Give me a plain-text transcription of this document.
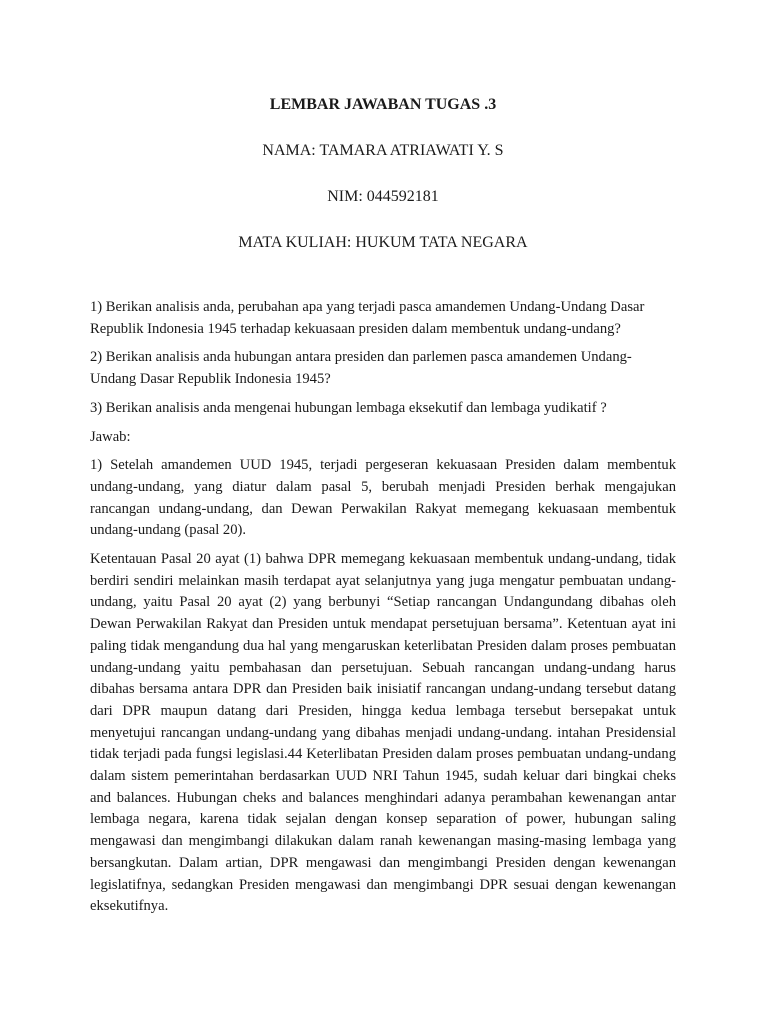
LEMBAR JAWABAN TUGAS .3

NAMA: TAMARA ATRIAWATI Y. S

NIM: 044592181

MATA KULIAH: HUKUM TATA NEGARA

1) Berikan analisis anda, perubahan apa yang terjadi pasca amandemen Undang-Undang Dasar Republik Indonesia 1945 terhadap kekuasaan presiden dalam membentuk undang-undang?

2) Berikan analisis anda hubungan antara presiden dan parlemen pasca amandemen Undang-Undang Dasar Republik Indonesia 1945?

3) Berikan analisis anda mengenai hubungan lembaga eksekutif dan lembaga yudikatif ?

Jawab:

1) Setelah amandemen UUD 1945, terjadi pergeseran kekuasaan Presiden dalam membentuk undang-undang, yang diatur dalam pasal 5, berubah menjadi Presiden berhak mengajukan rancangan undang-undang, dan Dewan Perwakilan Rakyat memegang kekuasaan membentuk undang-undang (pasal 20).

Ketentauan Pasal 20 ayat (1) bahwa DPR memegang kekuasaan membentuk undang-undang, tidak berdiri sendiri melainkan masih terdapat ayat selanjutnya yang juga mengatur pembuatan undang-undang, yaitu Pasal 20 ayat (2) yang berbunyi “Setiap rancangan Undangundang dibahas oleh Dewan Perwakilan Rakyat dan Presiden untuk mendapat persetujuan bersama”. Ketentuan ayat ini paling tidak mengandung dua hal yang mengaruskan keterlibatan Presiden dalam proses pembuatan undang-undang yaitu pembahasan dan persetujuan. Sebuah rancangan undang-undang harus dibahas bersama antara DPR dan Presiden baik inisiatif rancangan undang-undang tersebut datang dari DPR maupun datang dari Presiden, hingga kedua lembaga tersebut bersepakat untuk menyetujui rancangan undang-undang yang dibahas menjadi undang-undang. intahan Presidensial tidak terjadi pada fungsi legislasi.44 Keterlibatan Presiden dalam proses pembuatan undang-undang dalam sistem pemerintahan berdasarkan UUD NRI Tahun 1945, sudah keluar dari bingkai cheks and balances. Hubungan cheks and balances menghindari adanya perambahan kewenangan antar lembaga negara, karena tidak sejalan dengan konsep separation of power, hubungan saling mengawasi dan mengimbangi dilakukan dalam ranah kewenangan masing-masing lembaga yang bersangkutan. Dalam artian, DPR mengawasi dan mengimbangi Presiden dengan kewenangan legislatifnya, sedangkan Presiden mengawasi dan mengimbangi DPR sesuai dengan kewenangan eksekutifnya.
